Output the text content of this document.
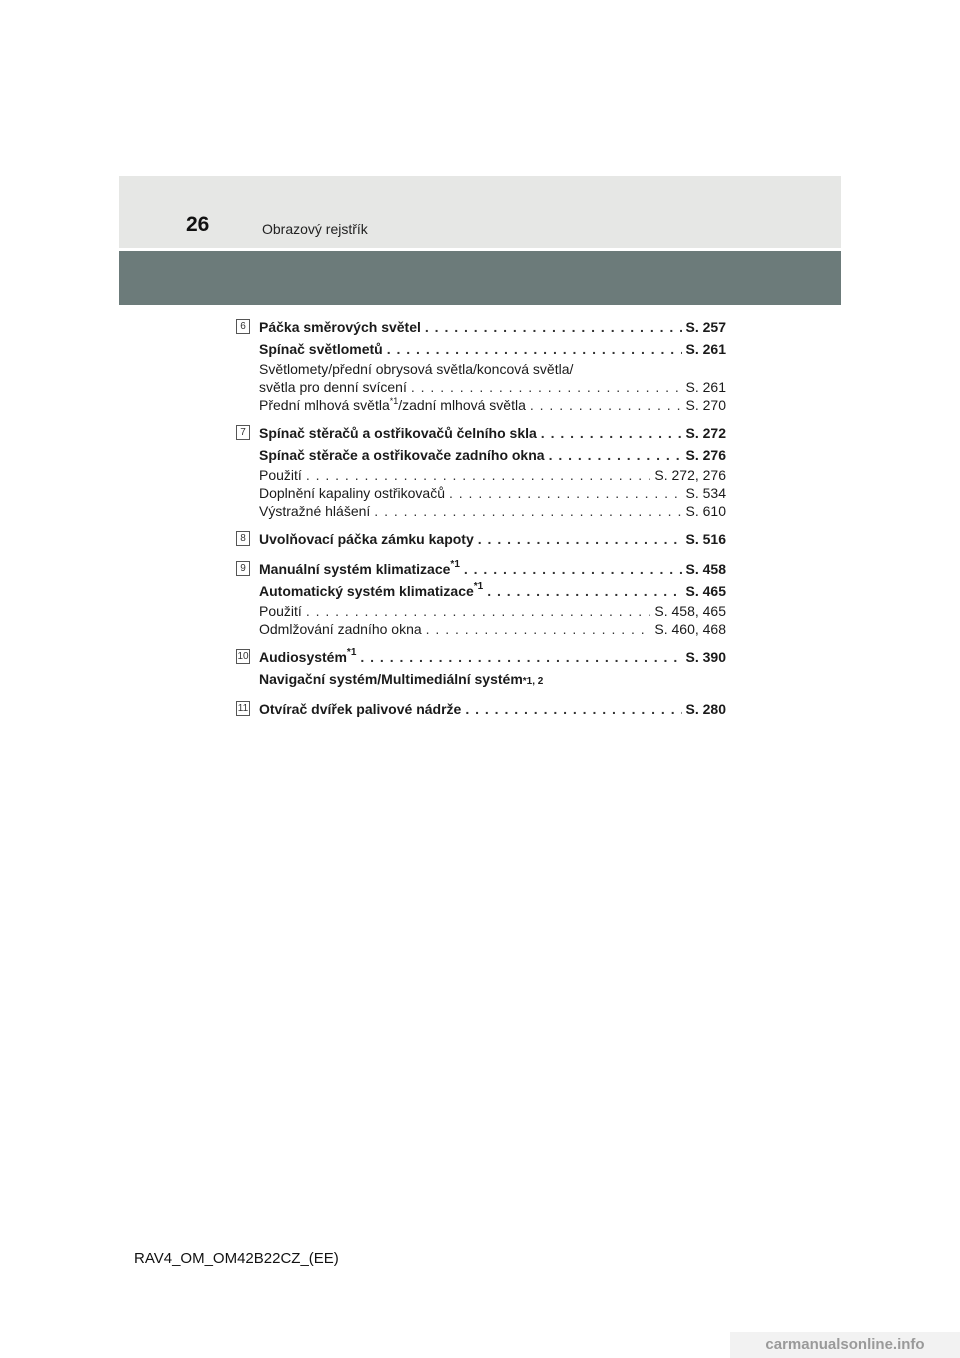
26	Obrazový rejstřík
6 Páčka směrových světel . . .	S. 257
Spínač světlometů . . .	S. 261
Světlomety/přední obrysová světla/koncová světla/
světla pro denní svícení . . .	S. 261
Přední mlhová světla$^{*1}$/zadní mlhová světla . . .	S. 270
7 Spínač stěračů a ostřikovačů čelního skla . . .	S. 272
Spínač stěrače a ostřikovače zadního okna . . .	S. 276
Použití . . .	S. 272, 276
Doplnění kapaliny ostřikovačů . . .	S. 534
Výstražné hlášení . . .	S. 610
8 Uvolňovací páčka zámku kapoty . . .	S. 516
9 Manuální systém klimatizace$^{*1}$ . . .	S. 458
Automatický systém klimatizace$^{*1}$ . . .	S. 465
Použití . . .	S. 458, 465
Odmlžování zadního okna . . .	S. 460, 468
10 Audiosystém$^{*1}$ . . .	S. 390
Navigační systém/Multimediální systém *1, 2
11 Otvírač dvířek palivové nádrže . . .	S. 280
RAV4_OM_OM42B22CZ_(EE)
carmanualsonline.info
